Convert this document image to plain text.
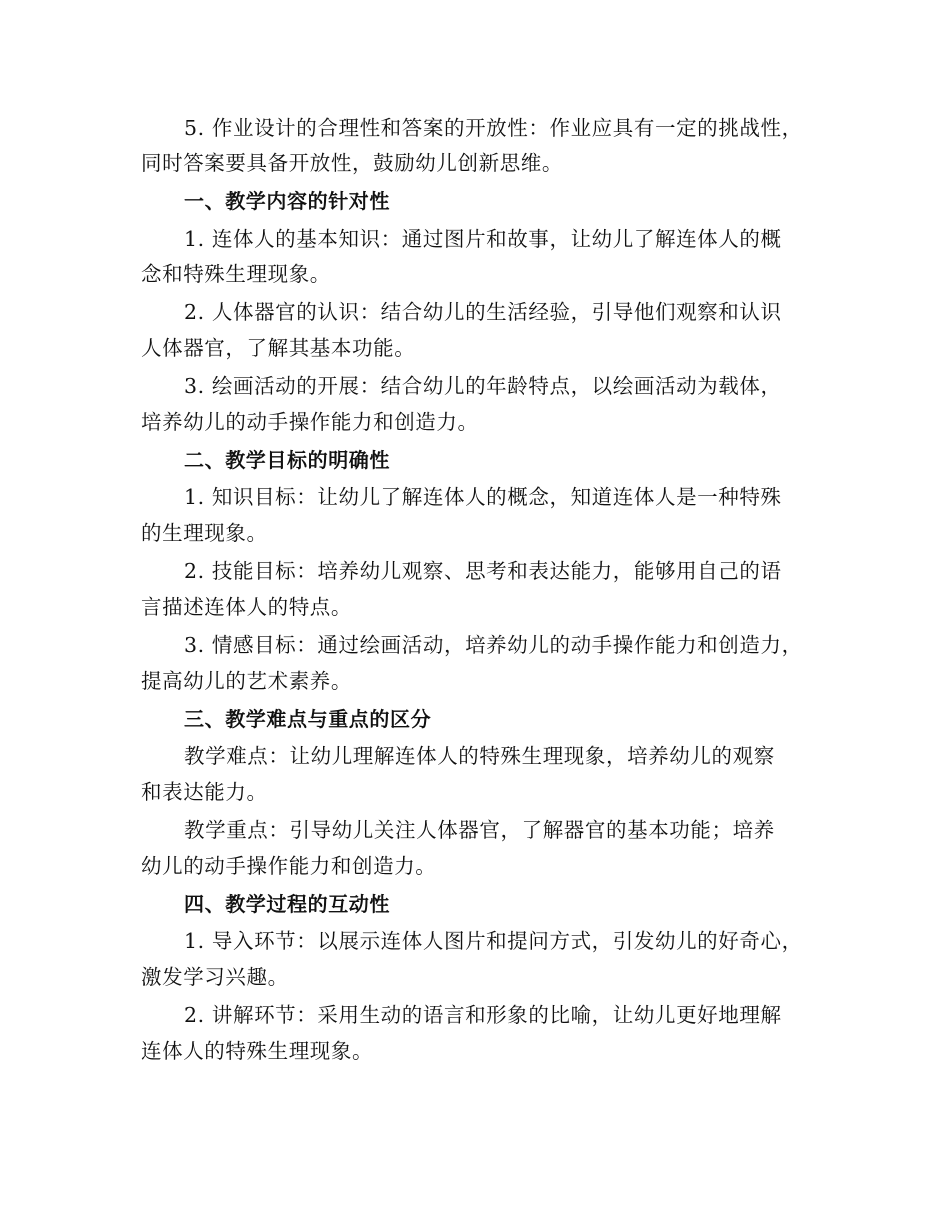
5. 作业设计的合理性和答案的开放性：作业应具有一定的挑战性，
同时答案要具备开放性，鼓励幼儿创新思维。
一、教学内容的针对性
1. 连体人的基本知识：通过图片和故事，让幼儿了解连体人的概
念和特殊生理现象。
2. 人体器官的认识：结合幼儿的生活经验，引导他们观察和认识
人体器官，了解其基本功能。
3. 绘画活动的开展：结合幼儿的年龄特点，以绘画活动为载体，
培养幼儿的动手操作能力和创造力。
二、教学目标的明确性
1. 知识目标：让幼儿了解连体人的概念，知道连体人是一种特殊
的生理现象。
2. 技能目标：培养幼儿观察、思考和表达能力，能够用自己的语
言描述连体人的特点。
3. 情感目标：通过绘画活动，培养幼儿的动手操作能力和创造力，
提高幼儿的艺术素养。
三、教学难点与重点的区分
教学难点：让幼儿理解连体人的特殊生理现象，培养幼儿的观察
和表达能力。
教学重点：引导幼儿关注人体器官，了解器官的基本功能；培养
幼儿的动手操作能力和创造力。
四、教学过程的互动性
1. 导入环节：以展示连体人图片和提问方式，引发幼儿的好奇心，
激发学习兴趣。
2. 讲解环节：采用生动的语言和形象的比喻，让幼儿更好地理解
连体人的特殊生理现象。
